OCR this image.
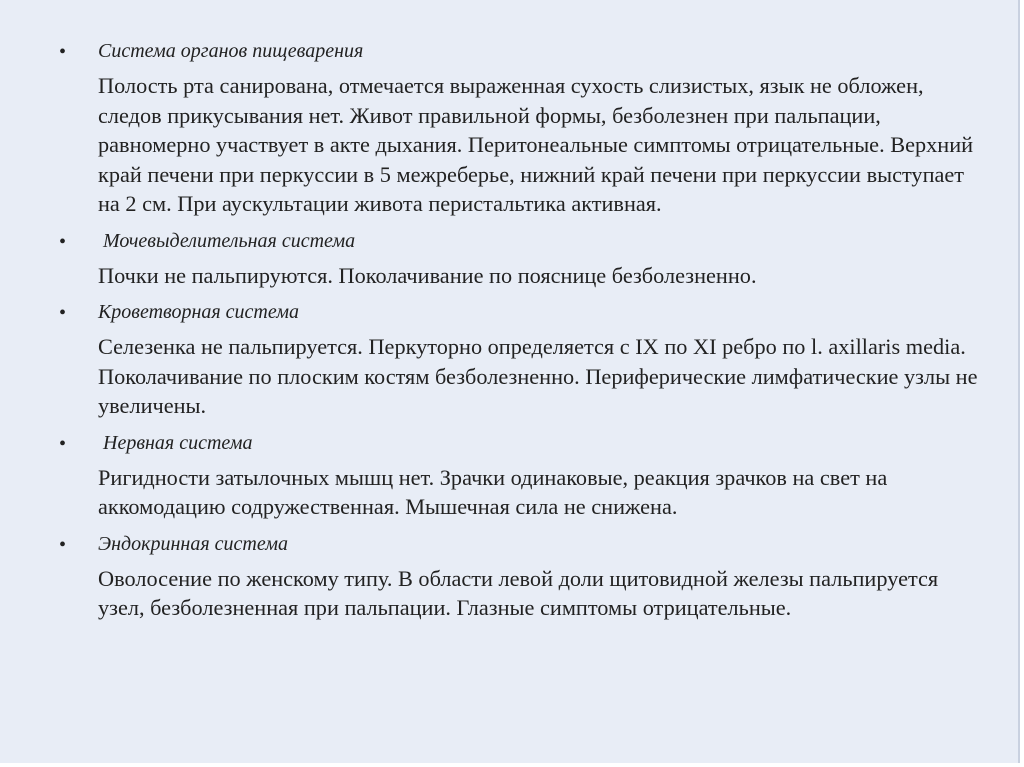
• Система органов пищеварения
Полость рта санирована, отмечается выраженная сухость слизистых, язык не обложен, следов прикусывания нет. Живот правильной формы, безболезнен при пальпации, равномерно участвует в акте дыхания. Перитонеальные симптомы отрицательные. Верхний край печени при перкуссии в 5 межреберье, нижний край печени при перкуссии выступает на 2 см. При аускультации живота перистальтика активная.
• Мочевыделительная система
Почки не пальпируются. Поколачивание по пояснице безболезненно.
• Кроветворная система
Селезенка не пальпируется. Перкуторно определяется с IX по XI ребро по l. axillaris media. Поколачивание по плоским костям безболезненно. Периферические лимфатические узлы не увеличены.
• Нервная система
Ригидности затылочных мышц нет. Зрачки одинаковые, реакция зрачков на свет на аккомодацию содружественная. Мышечная сила не снижена.
• Эндокринная система
Оволосение по женскому типу. В области левой доли щитовидной железы пальпируется узел, безболезненная при пальпации. Глазные симптомы отрицательные.
